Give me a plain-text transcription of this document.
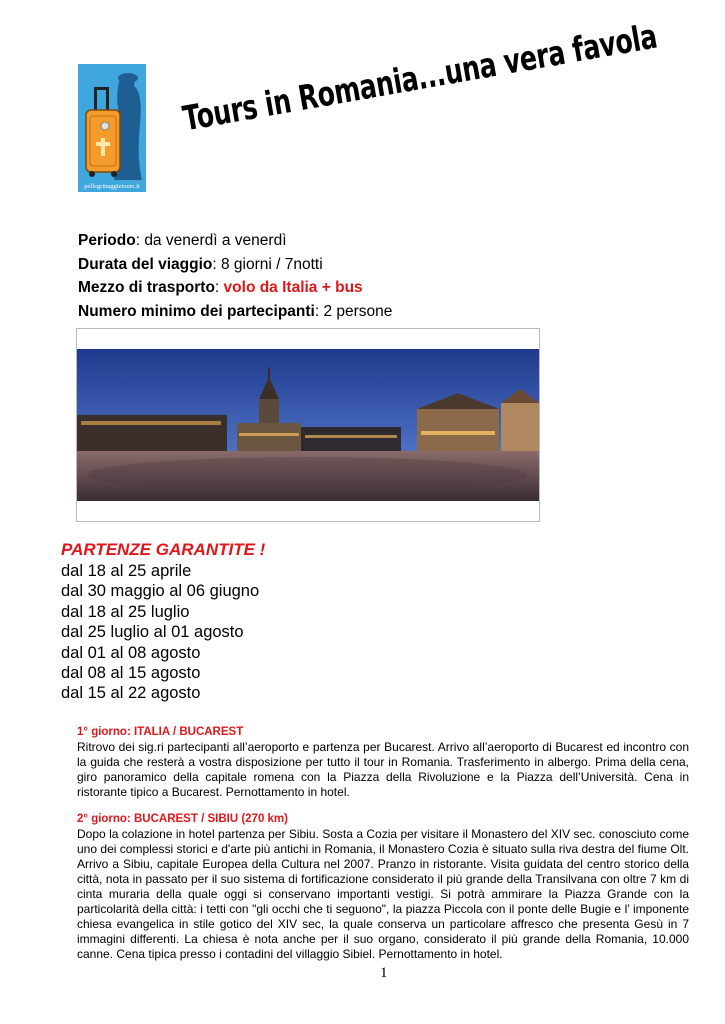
pellegrinaggietours.it
Tours in Romania...una vera favola
Periodo: da venerdì a venerdì
Durata del viaggio: 8 giorni / 7notti
Mezzo di trasporto: volo da Italia + bus
Numero minimo dei partecipanti: 2 persone
PARTENZE GARANTITE !
dal 18 al 25 aprile
dal 30 maggio al 06 giugno
dal 18 al 25 luglio
dal 25 luglio al 01 agosto
dal 01 al 08 agosto
dal 08 al 15 agosto
dal 15 al 22 agosto
1° giorno: ITALIA / BUCAREST

Ritrovo dei sig.ri partecipanti all’aeroporto e partenza per Bucarest. Arrivo all’aeroporto di Bucarest ed incontro con la guida che resterà a vostra disposizione per tutto il tour in Romania. Trasferimento in albergo. Prima della cena, giro panoramico della capitale romena con la Piazza della Rivoluzione e la Piazza dell’Università. Cena in ristorante tipico a Bucarest. Pernottamento in hotel.

2° giorno: BUCAREST / SIBIU (270 km)

Dopo la colazione in hotel partenza per Sibiu. Sosta a Cozia per visitare il Monastero del XIV sec. conosciuto come uno dei complessi storici e d'arte più antichi in Romania, il Monastero Cozia è situato sulla riva destra del fiume Olt. Arrivo a Sibiu, capitale Europea della Cultura nel 2007. Pranzo in ristorante. Visita guidata del centro storico della città, nota in passato per il suo sistema di fortificazione considerato il più grande della Transilvana con oltre 7 km di cinta muraria della quale oggi si conservano importanti vestigi. Si potrà ammirare la Piazza Grande con la particolarità della città: i tetti con "gli occhi che ti seguono", la piazza Piccola con il ponte delle Bugie e l’ imponente chiesa evangelica in stile gotico del XIV sec, la quale conserva un particolare affresco che presenta Gesù in 7 immagini differenti. La chiesa è nota anche per il suo organo, considerato il più grande della Romania, 10.000 canne. Cena tipica presso i contadini del villaggio Sibiel. Pernottamento in hotel.

1
